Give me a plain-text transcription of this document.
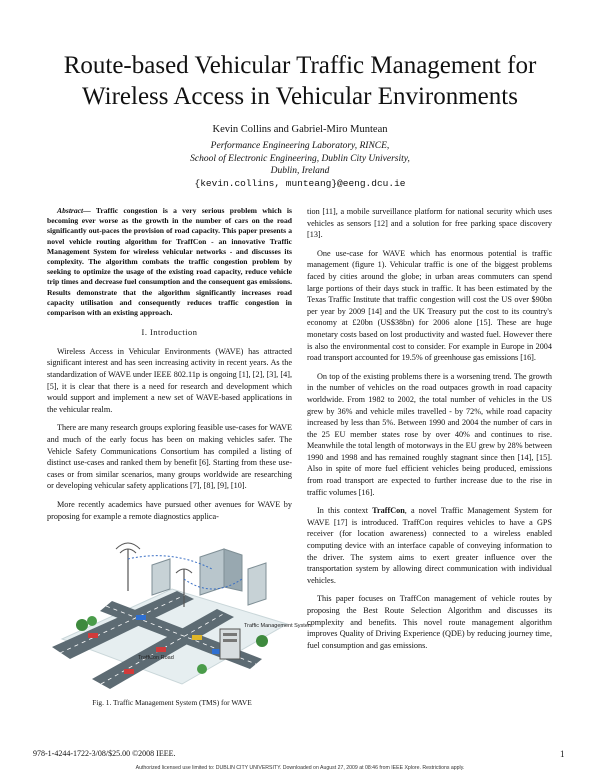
Route-based Vehicular Traffic Management for
Wireless Access in Vehicular Environments
Kevin Collins and Gabriel-Miro Muntean
Performance Engineering Laboratory, RINCE,
School of Electronic Engineering, Dublin City University,
Dublin, Ireland
{kevin.collins, munteang}@eeng.dcu.ie

Abstract— Traffic congestion is a very serious problem which is becoming ever worse as the growth in the number of cars on the road significantly out-paces the provision of road capacity. This paper presents a novel vehicle routing algorithm for TraffCon - an innovative Traffic Management System for wireless vehicular networks - and discusses its complexity. The algorithm combats the traffic congestion problem by seeking to optimize the usage of the existing road capacity, reduce vehicle trip times and decrease fuel consumption and the consequent gas emissions. Results demonstrate that the algorithm significantly increases road capacity utilisation and consequently reduces traffic congestion in comparison with an existing approach.

I. Introduction

Wireless Access in Vehicular Environments (WAVE) has attracted significant interest and has seen increasing activity in recent years. As the standardization of WAVE under IEEE 802.11p is ongoing [1], [2], [3], [4], [5], it is clear that there is a need for research and development which would support and implement a new set of WAVE-based applications in the vehicular realm.

There are many research groups exploring feasible use-cases for WAVE and much of the early focus has been on making vehicles safer. The Vehicle Safety Communications Consortium has compiled a listing of distinct use-cases and ranked them by benefit [6]. Starting from these use-cases or from similar scenarios, many groups worldwide are researching or developing vehicular safety applications [7], [8], [9], [10].

More recently academics have pursued other avenues for WAVE by proposing for example a remote diagnostics applica-

Traffic Management System
TraffCon Road
Fig. 1. Traffic Management System (TMS) for WAVE

tion [11], a mobile surveillance platform for national security which uses vehicles as sensors [12] and a solution for free parking space discovery [13].

One use-case for WAVE which has enormous potential is traffic management (figure 1). Vehicular traffic is one of the biggest problems faced by cities around the globe; in urban areas commuters can spend large portions of their days stuck in traffic. It has been estimated by the Texas Traffic Institute that traffic congestion will cost the US over $90bn per year by 2009 [14] and the UK Treasury put the cost to its country's economy at £20bn (US$38bn) for 2006 alone [15]. These are huge monetary costs based on lost productivity and wasted fuel. However there is also the environmental cost to consider. For example in Europe in 2004 road transport accounted for 19.5% of greenhouse gas emissions [16].

On top of the existing problems there is a worsening trend. The growth in the number of vehicles on the road outpaces growth in road capacity worldwide. From 1982 to 2002, the total number of vehicles in the US grew by 36% and vehicle miles travelled - by 72%, while road capacity increased by less than 5%. Between 1990 and 2004 the number of cars in the 25 EU member states rose by over 40% and continues to rise. Meanwhile the total length of motorways in the EU grew by 28% between 1990 and 1998 and has remained roughly stagnant since then [14], [15]. Also in spite of more fuel efficient vehicles being produced, emissions from road transport are expected to further increase due to the rise in traffic volumes [16].

In this context TraffCon, a novel Traffic Management System for WAVE [17] is introduced. TraffCon requires vehicles to have a GPS receiver (for location awareness) connected to a wireless enabled computing device with an interface capable of conveying information to the driver. The system aims to exert greater influence over the transportation system by allowing direct communication with individual vehicles.

This paper focuses on TraffCon management of vehicle routes by proposing the Best Route Selection Algorithm and discusses its complexity and benefits. This novel route management algorithm improves Quality of Driving Experience (QDE) by reducing journey time, fuel consumption and gas emissions.

978-1-4244-1722-3/08/$25.00 ©2008 IEEE.	1
Authorized licensed use limited to: DUBLIN CITY UNIVERSITY. Downloaded on August 27, 2009 at 08:46 from IEEE Xplore. Restrictions apply.
